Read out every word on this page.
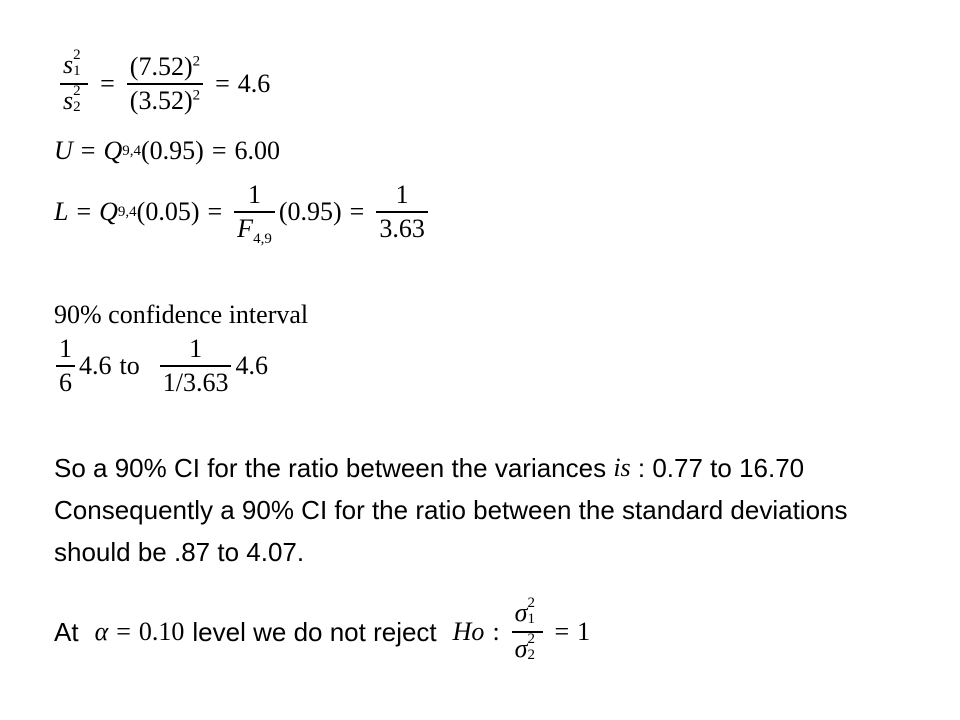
s 2
1
s 2
$2 = \frac{(7.52)^2}{(3.52)^2} = 4.6$
U = Q 9,4 (0.95) = 6.00
L = Q 9,4 $(0.05) = \frac{1}{F_{4,9}} (0.95) = \frac{1}{3.63}$
90% confidence interval
$\frac{1}{6} 4.6$ to $\frac{1}{1/3.63} 4.6$
So a 90% CI for the ratio between the variances is : 0.77 to 16.70
Consequently a 90% CI for the ratio between the standard deviations
should be .87 to 4.07.
At α = 0.10 level we do not reject Ho : σ 2
1
σ 2
2 = 1
